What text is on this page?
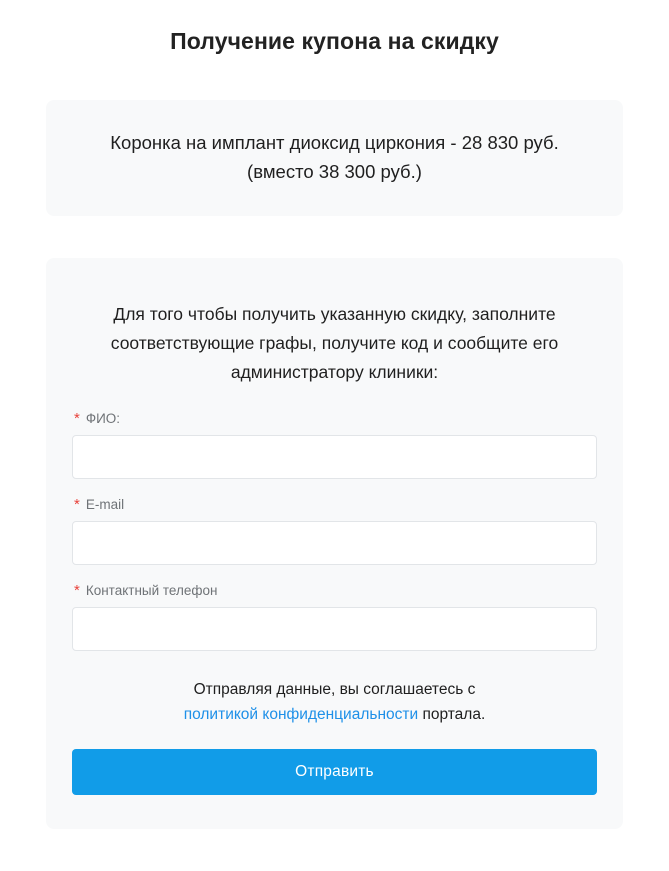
Получение купона на скидку
Коронка на имплант диоксид циркония - 28 830 руб.
(вместо 38 300 руб.)

Для того чтобы получить указанную скидку, заполните соответствующие графы, получите код и сообщите его администратору клиники:

* ФИО:
* E-mail
* Контактный телефон

Отправляя данные, вы соглашаетесь с
политикой конфиденциальности портала.

Отправить
